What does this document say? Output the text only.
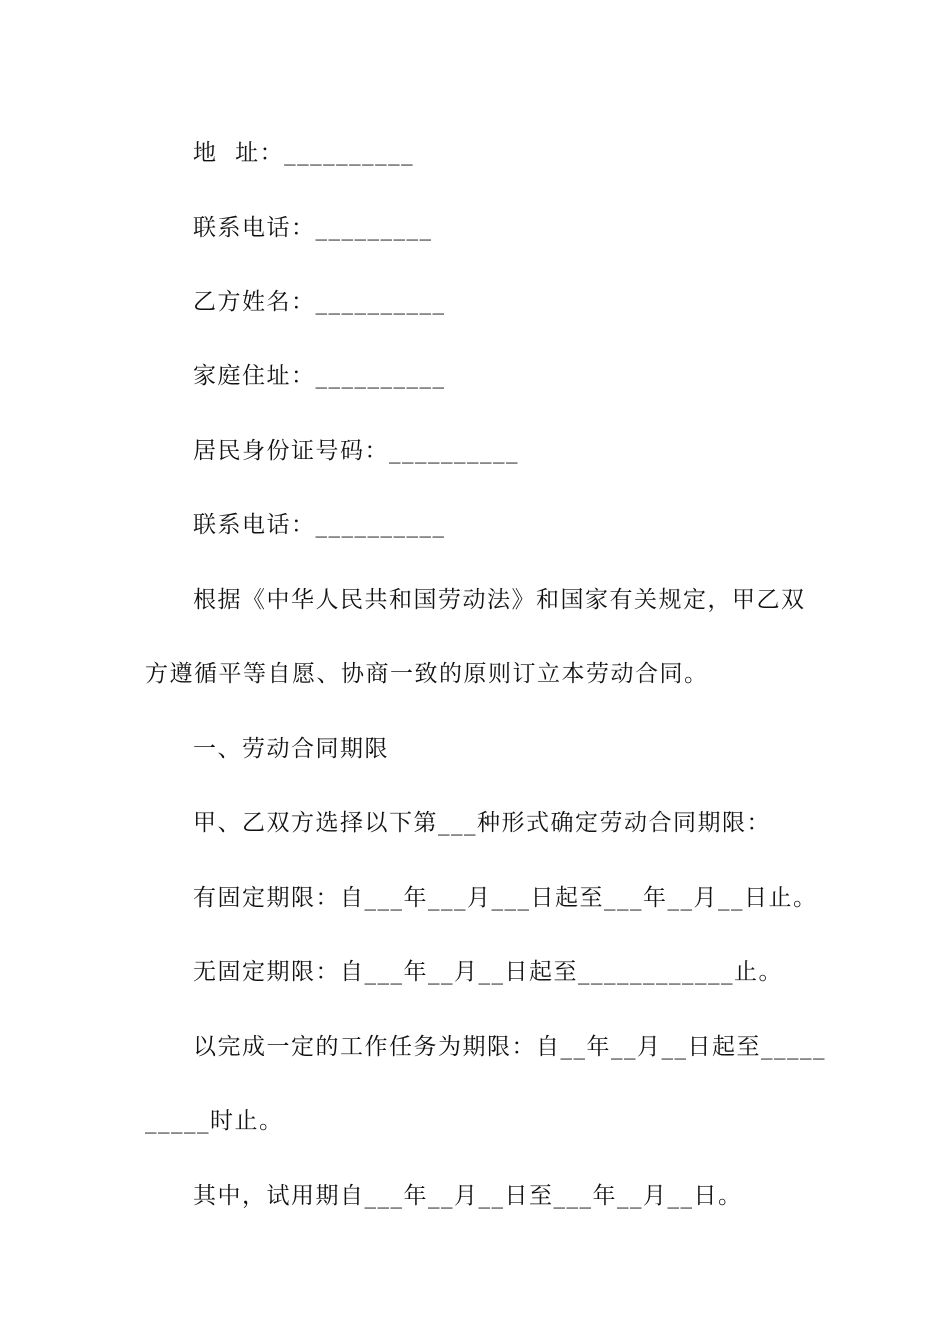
地  址：__________
联系电话：_________
乙方姓名：__________
家庭住址：__________
居民身份证号码：__________
联系电话：__________
根据《中华人民共和国劳动法》和国家有关规定，甲乙双
方遵循平等自愿、协商一致的原则订立本劳动合同。
一、劳动合同期限
甲、乙双方选择以下第___种形式确定劳动合同期限：
有固定期限：自___年___月___日起至___年__月__日止。
无固定期限：自___年__月__日起至____________止。
以完成一定的工作任务为期限：自__年__月__日起至_____
_____时止。
其中，试用期自___年__月__日至___年__月__日。
